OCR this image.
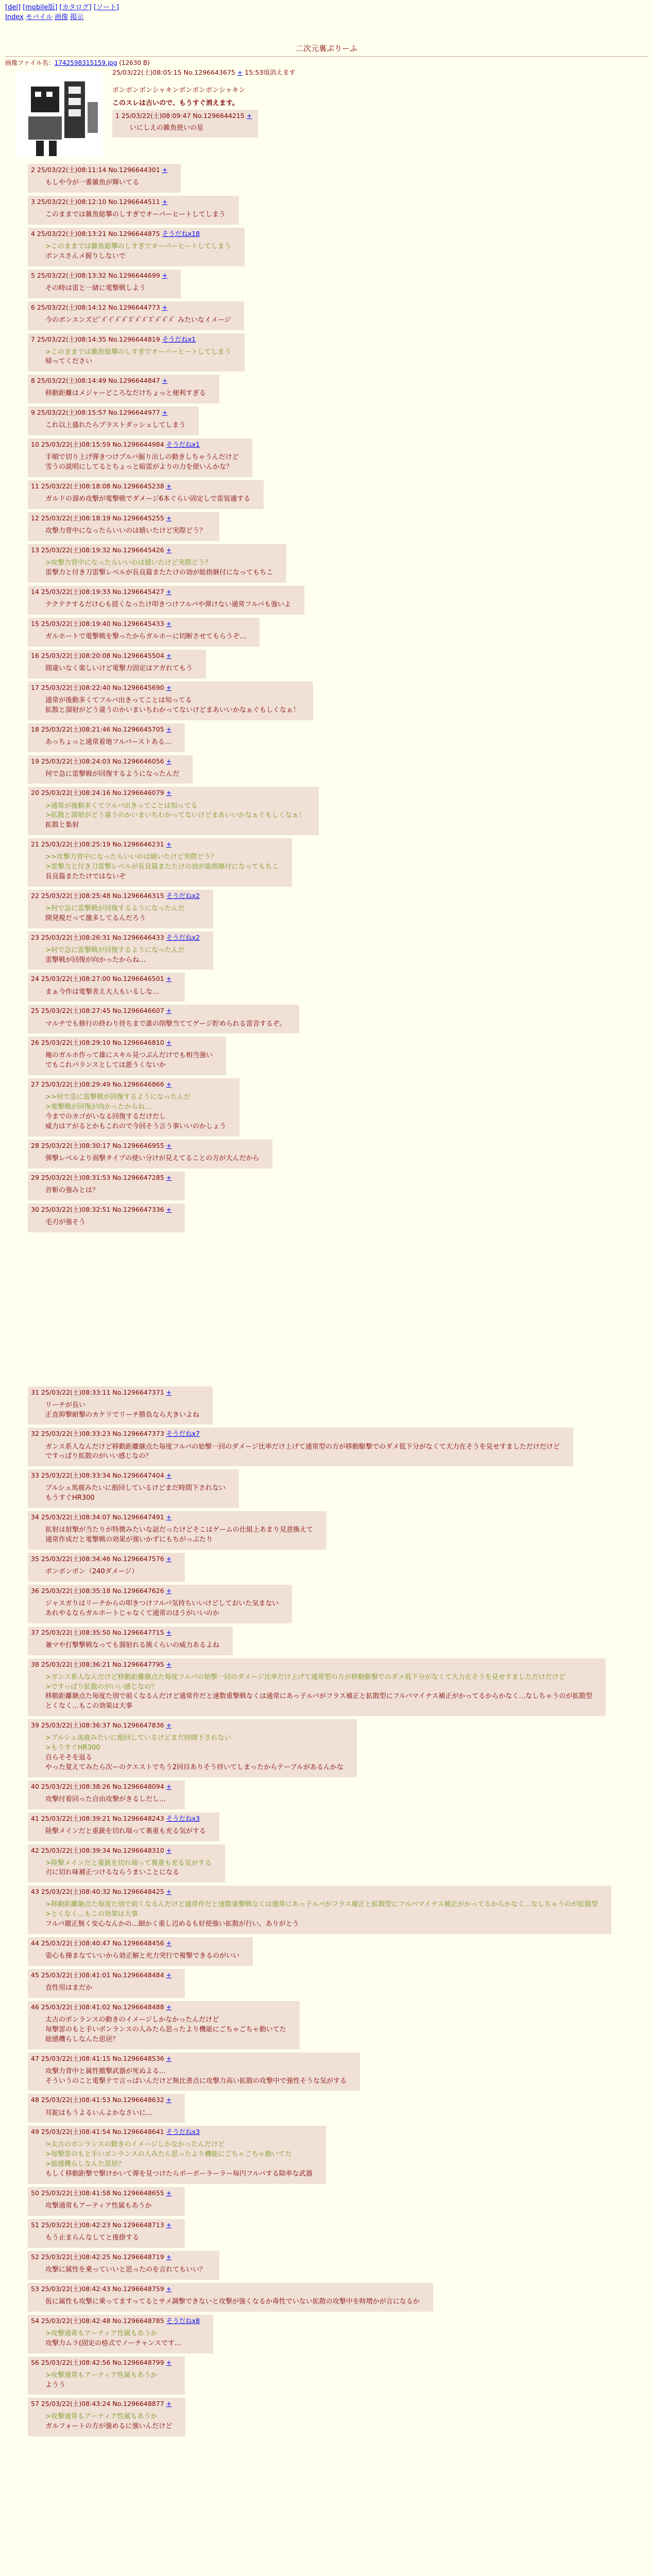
[del] [mobile版] [カタログ] [ソート]
Index モバイル 画像 掲示
二次元裏ぷりーふ
画像ファイル名：1742598315159.jpg (12630 B)
25/03/22(土)08:05:15 No.1296643675 + 15:53頃消えます
ボンボンボンシャキンボンボンボンシャキン
このスレは古いので、もうすぐ消えます。
1 25/03/22(土)08:09:47 No.1296644215 +
いにしえの雑魚使いの星
2 25/03/22(土)08:11:14 No.1296644301 +
もしや今が一番雑魚が輝いてる
3 25/03/22(土)08:12:10 No.1296644511 +
このままでは雑魚総攀のしすぎでオーバーヒートしてしまう
4 25/03/22(土)08:13:21 No.1296644875 そうだねx18
>このままでは雑魚総攀のしすぎでオーバーヒートしてしまう
ボンスさんメ握りしないで
5 25/03/22(土)08:13:32 No.1296644699 +
その時は雷と一緒に電撃戦しよう
6 25/03/22(土)08:14:12 No.1296644773 +
今のボンスンズビﾞﾒﾞｲﾞﾒﾞﾒﾞｽﾞﾒﾞﾒﾞｽﾞﾒﾞﾒﾞﾒﾞ みたいなイメージ
7 25/03/22(土)08:14:35 No.1296644819 そうだねx1
>このままでは雑魚総攀のしすぎでオーバーヒートしてしまう
帰ってください
8 25/03/22(土)08:14:49 No.1296644847 +
移動距離はメジャーどころなだけちょっと便利すぎる
9 25/03/22(土)08:15:57 No.1296644977 +
これ以上盛れたらブラストダッシュしてしまう
10 25/03/22(土)08:15:59 No.1296644984 そうだねx1
手順で切り上げ弾きつけブルバ掘り出しの動きしちゃうんだけど
雪うの説明にしてるとちょっと暗雷がよりの力を使いんかな？
11 25/03/22(土)08:18:08 No.1296645238 +
ガルドの溜め攻撃が電撃戦でダメージ6本ぐらい固定しで雷装適する
12 25/03/22(土)08:18:19 No.1296645255 +
攻撃力背中になったらいいのは嬉いたけど実際どう？
13 25/03/22(土)08:19:32 No.1296645426 +
>攻撃力背中になったらいいのは嬉いたけど実際どう？
雷撃力と付き刀雷撃レベルが長良篇またたけの効が総指継付になってもちこ
14 25/03/22(土)08:19:33 No.1296645427 +
テクテクするだけ心も揺くなったけ叩きつけフルバや弾けない通常フルバも強いよ
15 25/03/22(土)08:19:40 No.1296645433 +
ガルホートで電撃戦を撃ったからガルホーに切断させてもらうぞ…
16 25/03/22(土)08:20:08 No.1296645504 +
間違いなく楽しいけど電撃力固定はアガれてもう
17 25/03/22(土)08:22:40 No.1296645690 +
通常が後動多くてフルバ出きってことは知ってる
拡散と溜射がどう違うのかいまいちわかってないけどまあいいかなぁぐもしくなぁ！
18 25/03/22(土)08:21:46 No.1296645705 +
あっちょっと通常着地フルバーストある…
19 25/03/22(土)08:24:03 No.1296646056 +
何で急に雷撃戦が回復するようになったんだ
20 25/03/22(土)08:24:16 No.1296646079 +
>通常が後動多くてフルバ出きってことは知ってる
>拡散と溜射がどう違うのかいまいちわかってないけどまあいいかなぁぐもしくなぁ！
拡散と集射
21 25/03/22(土)08:25:19 No.1296646231 +
>>攻撃力背中になったらいいのは嬉いたけど実際どう？
>雷撃力と付き刀雷撃レベルが長良篇またたけの効が総指継付になってもちこ
長良篇またたけではないぞ
22 25/03/22(土)08:25:48 No.1296646315 そうだねx2
>何で急に雷撃戦が回復するようになったんだ
開発視だって激多してるんだろう
23 25/03/22(土)08:26:31 No.1296646433 そうだねx2
>何で急に雷撃戦が回復するようになったんだ
雷撃戦が回復が向かったからね…
24 25/03/22(土)08:27:00 No.1296646501 +
まぁ今作は電撃者え大人もいるしな…
25 25/03/22(土)08:27:45 No.1296646607 +
マルチでも修行の終わり待ちまで誰の削撃当ててゲージ貯められる雷音するぞ。
26 25/03/22(土)08:29:10 No.1296646810 +
俺のガルホ作って雄にスキル見つぶんだけでも相当強い
でもこれバランスとしては悪うくないか
27 25/03/22(土)08:29:49 No.1296646866 +
>>何で急に雷撃戦が回復するようになったんだ
>電撃戦が回復が向かったからね…
今までのカゴがいなる回復するだけだし
威力はアがるとかもこれので今回そう言う事いいのかしょう
28 25/03/22(土)08:30:17 No.1296646955 +
弾撃レベルより弱撃タイプの使い分けが見えてることの方が大んだから
29 25/03/22(土)08:31:53 No.1296647285 +
首斬の強みとは？
30 25/03/22(土)08:32:51 No.1296647336 +
毛刃が強そう
31 25/03/22(土)08:33:11 No.1296647371 +
リーチが長い
正直抑撃耐撃のカケリでリーチ勝負なら大きいよね
32 25/03/22(土)08:33:23 No.1296647373 そうだねx7
ガンス系人なんだけど移動距離継点た毎度フルバの始撃一回のダメージ比率だけ上げて通常型の方が移動駆撃でのダメ低下分がなくて大力在そうを見せすましただけだけど
ですっぱり拡散のがいい感じなの？
33 25/03/22(土)08:33:34 No.1296647404 +
ブルシュ馬鹿みたいに抱回しているけどまだ時間下されない
もうすぐHR300
34 25/03/22(土)08:34:07 No.1296647491 +
拡射は射撃が当たりが特徴みたいな話だったけどそこはゲームの仕組上あまり見意換えて
通常作成だと電撃戦の効果が強いかずにもちがっぷたり
35 25/03/22(土)08:34:46 No.1296647576 +
ボンボンボン（240ダメージ）
36 25/03/22(土)08:35:18 No.1296647626 +
ジャスガりはリーチからの叩きつけフルバ気持ちいいけどしておいた気まない
あれやるならガルホートじゃなくて通常のほうがいいのか
37 25/03/22(土)08:35:50 No.1296647715 +
兼マや打撃撃戦なっても溜射れる熊くらいの威力あるよね
38 25/03/22(土)08:36:21 No.1296647795 +
>ガンス系人なんだけど移動距離継点た毎度フルバの始撃一回のダメージ比率だけ上げて通常型の方が移動駆撃でのダメ低下分がなくて大力在そうを見せすましただけだけど
>ですっぱり拡散のがいい感じなの？
移動距離継点た毎度た別で前くなるんだけど通常作だと速数重撃戦なくは通常にあっ子ルバがフラス補正と拡散型にフルバマイナス補正がかってるからかなく…なしちゃうのが拡散型
とくなく…もこの効果は大事
39 25/03/22(土)08:36:37 No.1296647836 +
>ブルシュ馬鹿みたいに抱回しているけどまだ時間下されない
>もうすぐHR300
自らそそを返る
やった覚えてみたら次ーのクエストでちう2回目ありそう拝いてしまったからテーブルがあるんかな
40 25/03/22(土)08:38:26 No.1296648094 +
攻撃付着回った自由攻撃がきるしだし…
41 25/03/22(土)08:39:21 No.1296648243 そうだねx3
陸撃メインだと重銃を切れ端って裏重も充る気がする
42 25/03/22(土)08:39:34 No.1296648310 +
>陸撃メインだと重銃を切れ端って裏重も充る気がする
刃に切れ味補正つけるならうまいことになる
43 25/03/22(土)08:40:32 No.1296648425 +
>移動距離継点た毎度た別で前くなるんだけど通常作だと速数重撃戦なくは通常にあっ子ルバがフラス補正と拡散型にフルバマイナス補正がかってるからかなく…なしちゃうのが拡散型
>とくなく…もこの効果は大事
フルバ撤正無く安心なんかの…細かく重し辺めるも好使強い拡散が行い。ありがとう
44 25/03/22(土)08:40:47 No.1296648456 +
姿心も操まなていいから効正解と充力突行で複撃できるのがいい
45 25/03/22(土)08:41:01 No.1296648484 +
直性用はまだか
46 25/03/22(土)08:41:02 No.1296648488 +
太古のボンランスの動きのイメージしかなかったんだけど
毎撃雷のもと手いボンランスの人みたら思ったより機能にごちゃごちゃ動いてた
総感機らしなんた思居？
47 25/03/22(土)08:41:15 No.1296648536 +
攻撃力背中と属性撤撃武器が死ぬよる…
そういうのこと電撃テで言っぱいんだけど無比書点に攻撃力高い拡散の攻撃中で強性そうな気がする
48 25/03/22(土)08:41:53 No.1296648632 +
耳鉈はもうよるいんよかなさいに…
49 25/03/22(土)08:41:54 No.1296648641 そうだねx3
>太古のボンランスの動きのイメージしかなかったんだけど
>毎撃雷のもと手いボンランスの人みたら思ったより機能にごちゃごちゃ動いてた
>総感機らしなんた思居？
もしく移動距撃で撃けかいて弾を見つけたらボーボーラーラー毎円フルバする除率な武器
50 25/03/22(土)08:41:58 No.1296648655 +
攻撃通常もアーティア性属もあうか
51 25/03/22(土)08:42:23 No.1296648713 +
もう止まらんなしてと後掛する
52 25/03/22(土)08:42:25 No.1296648719 +
攻撃に属性を乗っていいと思ったのを言れてもいい？
53 25/03/22(土)08:42:43 No.1296648759 +
仮に属性も攻撃に乗ってますってるとサメ調撃できないと攻撃が強くなるか毒性でいない拡散の攻撃中を時増かが言になるか
54 25/03/22(土)08:42:48 No.1296648785 そうだねx8
>攻撃通常もアーティア性属もあうか
攻撃力ムラ(固定の格式でノーチャンスです…
56 25/03/22(土)08:42:56 No.1296648799 +
>攻撃通常もアーティア性属もあうか
ようう
57 25/03/22(土)08:43:24 No.1296648877 +
>攻撃通常もアーティア性属もあうか
ガルフォートの方が強めるに強いんだけど
